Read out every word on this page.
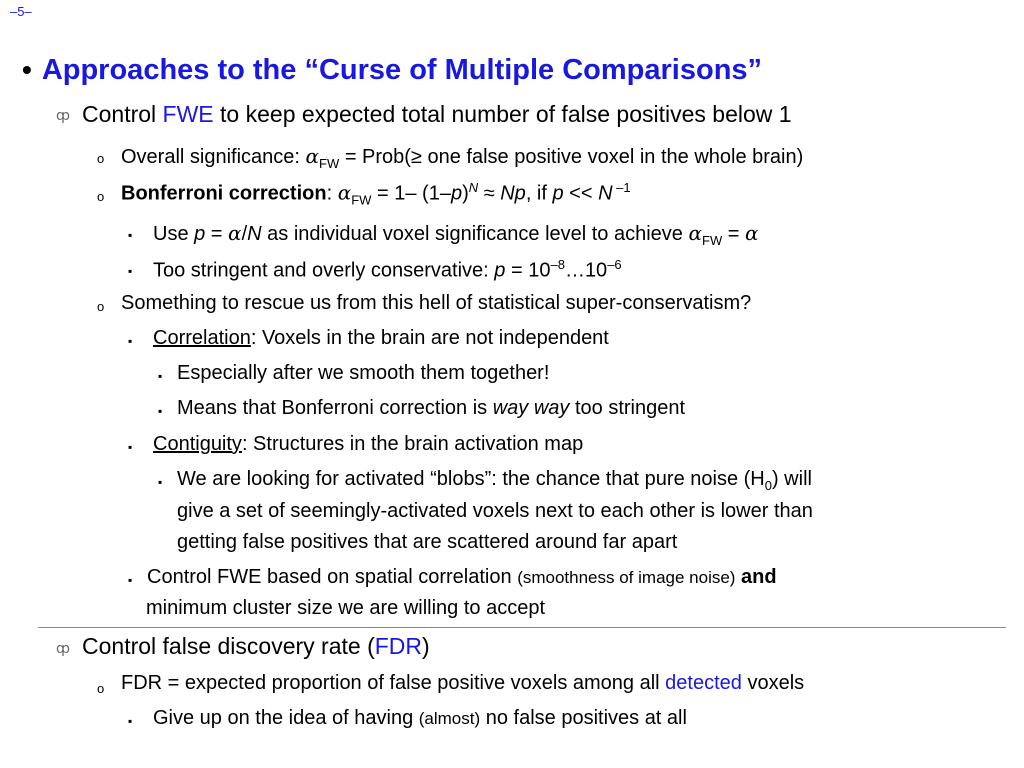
–5–
• Approaches to the “Curse of Multiple Comparisons”
ȹ Control FWE to keep expected total number of false positives below 1
o Overall significance: $\alpha_{FW}$ = Prob(≥ one false positive voxel in the whole brain)
o Bonferroni correction: $\alpha_{FW} = 1-$ $(1-p)^N \approx Np$, if p << N $^{-1}$
▪ Use p = α/N as individual voxel significance level to achieve $\alpha_{FW} = \alpha$
▪ Too stringent and overly conservative: $p = 10^{-8}\dots 10^{-6}$
o Something to rescue us from this hell of statistical super-conservatism?
▪ Correlation: Voxels in the brain are not independent
▪ Especially after we smooth them together!
▪ Means that Bonferroni correction is way way too stringent
▪ Contiguity: Structures in the brain activation map
▪ We are looking for activated “blobs”: the chance that pure noise $(H_0)$ will
give a set of seemingly-activated voxels next to each other is lower than
getting false positives that are scattered around far apart
▪ Control FWE based on spatial correlation (smoothness of image noise) and
minimum cluster size we are willing to accept
ȹ Control false discovery rate (FDR)
o FDR = expected proportion of false positive voxels among all detected voxels
▪ Give up on the idea of having (almost) no false positives at all
